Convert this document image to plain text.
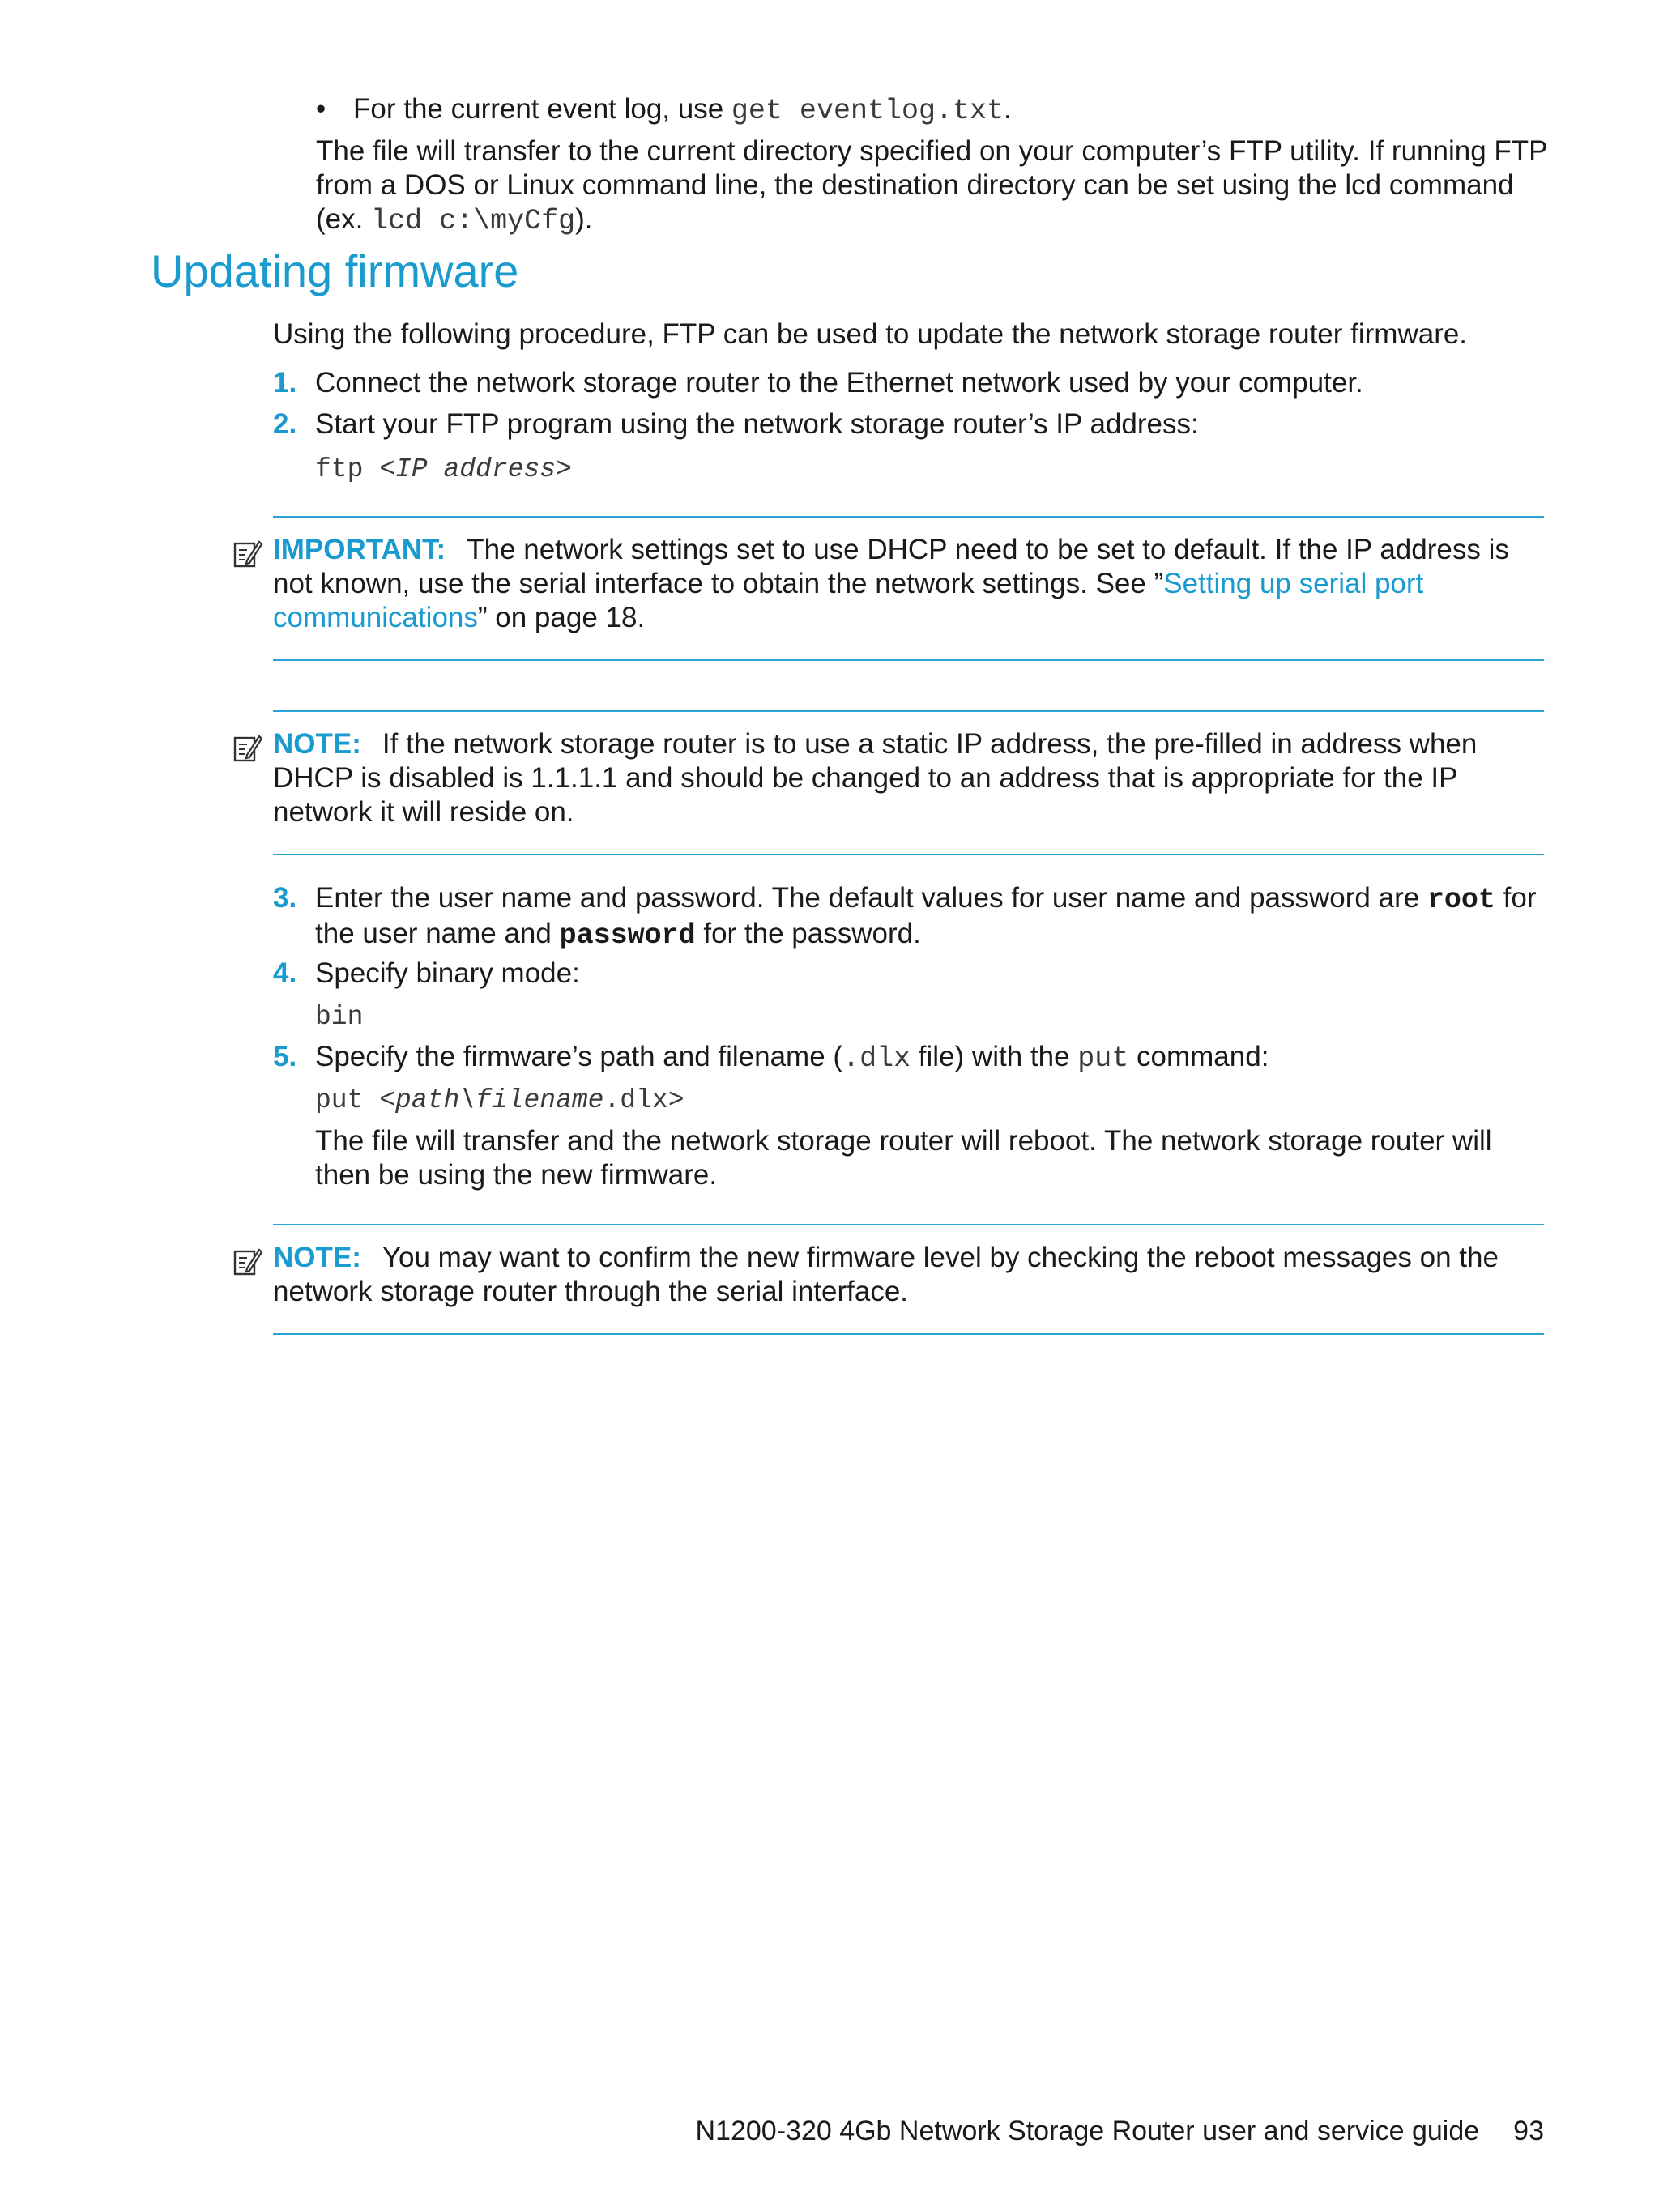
• For the current event log, use get eventlog.txt.
The file will transfer to the current directory specified on your computer’s FTP utility. If running FTP from a DOS or Linux command line, the destination directory can be set using the lcd command (ex. lcd c:\myCfg).
Updating firmware
Using the following procedure, FTP can be used to update the network storage router firmware.
1. Connect the network storage router to the Ethernet network used by your computer.
2. Start your FTP program using the network storage router’s IP address:
ftp <IP address>
IMPORTANT: The network settings set to use DHCP need to be set to default. If the IP address is not known, use the serial interface to obtain the network settings. See ”Setting up serial port communications” on page 18.
NOTE: If the network storage router is to use a static IP address, the pre-filled in address when DHCP is disabled is 1.1.1.1 and should be changed to an address that is appropriate for the IP network it will reside on.
3. Enter the user name and password. The default values for user name and password are root for the user name and password for the password.
4. Specify binary mode:
bin
5. Specify the firmware’s path and filename (.dlx file) with the put command:
put <path\filename.dlx>
The file will transfer and the network storage router will reboot. The network storage router will then be using the new firmware.
NOTE: You may want to confirm the new firmware level by checking the reboot messages on the network storage router through the serial interface.
N1200-320 4Gb Network Storage Router user and service guide 93
